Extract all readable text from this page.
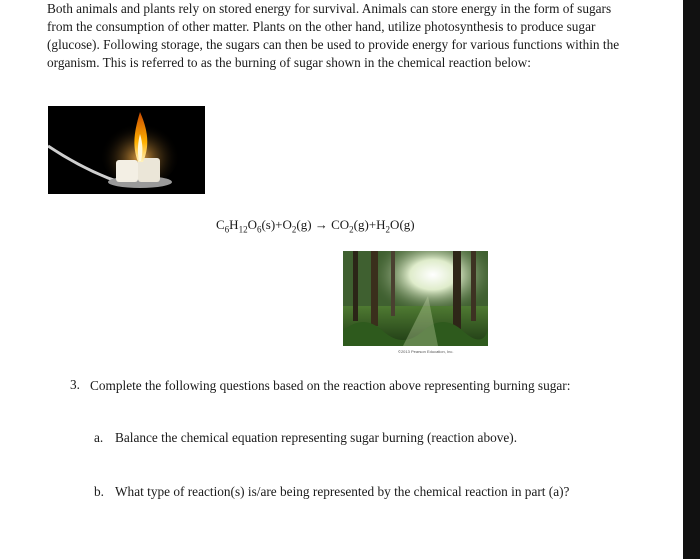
Both animals and plants rely on stored energy for survival. Animals can store energy in the form of sugars from the consumption of other matter. Plants on the other hand, utilize photosynthesis to produce sugar (glucose). Following storage, the sugars can then be used to provide energy for various functions within the organism. This is referred to as the burning of sugar shown in the chemical reaction below:

$C_6H_{12}O_6(s)+O_2(g) \to CO_2(g)+H_2O(g)$
©2013 Pearson Education, Inc.
3. Complete the following questions based on the reaction above representing burning sugar:
a. Balance the chemical equation representing sugar burning (reaction above).
b. What type of reaction(s) is/are being represented by the chemical reaction in part (a)?
